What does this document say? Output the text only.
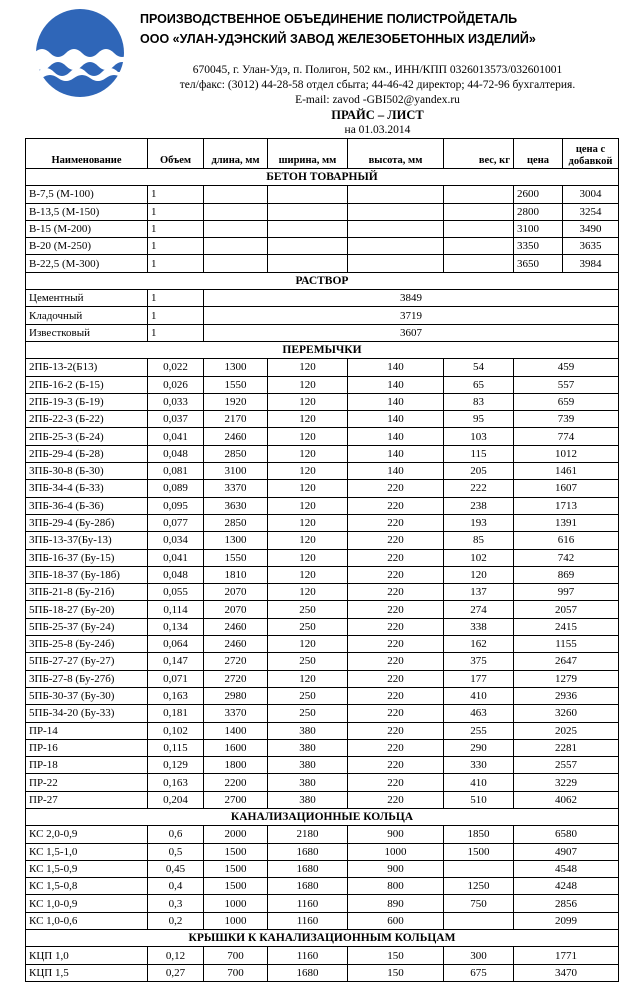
ПРОИЗВОДСТВЕННОЕ ОБЪЕДИНЕНИЕ ПОЛИСТРОЙДЕТАЛЬ
ООО «УЛАН-УДЭНСКИЙ ЗАВОД ЖЕЛЕЗОБЕТОННЫХ ИЗДЕЛИЙ»
670045, г. Улан-Удэ, п. Полигон, 502 км., ИНН/КПП 0326013573/032601001
тел/факс: (3012) 44-28-58 отдел сбыта; 44-46-42 директор; 44-72-96 бухгалтерия.
E-mail: zavod -GBI502@yandex.ru
ПРАЙС – ЛИСТ
на 01.03.2014
Наименование	Объем	длина, мм	ширина, мм	высота, мм	вес, кг	цена	цена с добавкой
БЕТОН ТОВАРНЫЙ							
В-7,5 (М-100)	1					2600	3004
В-13,5 (М-150)	1					2800	3254
В-15 (М-200)	1					3100	3490
В-20 (М-250)	1					3350	3635
В-22,5 (М-300)	1					3650	3984
РАСТВОР							
Цементный	1	3849					
Кладочный	1	3719					
Известковый	1	3607					
ПЕРЕМЫЧКИ							
2ПБ-13-2(Б13)	0,022	1300	120	140	54	459	
2ПБ-16-2 (Б-15)	0,026	1550	120	140	65	557	
2ПБ-19-3 (Б-19)	0,033	1920	120	140	83	659	
2ПБ-22-3 (Б-22)	0,037	2170	120	140	95	739	
2ПБ-25-3 (Б-24)	0,041	2460	120	140	103	774	
2ПБ-29-4 (Б-28)	0,048	2850	120	140	115	1012	
3ПБ-30-8 (Б-30)	0,081	3100	120	140	205	1461	
3ПБ-34-4 (Б-33)	0,089	3370	120	220	222	1607	
3ПБ-36-4 (Б-36)	0,095	3630	120	220	238	1713	
3ПБ-29-4 (Бу-28б)	0,077	2850	120	220	193	1391	
3ПБ-13-37(Бу-13)	0,034	1300	120	220	85	616	
3ПБ-16-37 (Бу-15)	0,041	1550	120	220	102	742	
3ПБ-18-37 (Бу-18б)	0,048	1810	120	220	120	869	
3ПБ-21-8 (Бу-21б)	0,055	2070	120	220	137	997	
5ПБ-18-27 (Бу-20)	0,114	2070	250	220	274	2057	
5ПБ-25-37 (Бу-24)	0,134	2460	250	220	338	2415	
3ПБ-25-8 (Бу-24б)	0,064	2460	120	220	162	1155	
5ПБ-27-27 (Бу-27)	0,147	2720	250	220	375	2647	
3ПБ-27-8 (Бу-27б)	0,071	2720	120	220	177	1279	
5ПБ-30-37 (Бу-30)	0,163	2980	250	220	410	2936	
5ПБ-34-20 (Бу-33)	0,181	3370	250	220	463	3260	
ПР-14	0,102	1400	380	220	255	2025	
ПР-16	0,115	1600	380	220	290	2281	
ПР-18	0,129	1800	380	220	330	2557	
ПР-22	0,163	2200	380	220	410	3229	
ПР-27	0,204	2700	380	220	510	4062	
КАНАЛИЗАЦИОННЫЕ КОЛЬЦА							
КС 2,0-0,9	0,6	2000	2180	900	1850	6580	
КС 1,5-1,0	0,5	1500	1680	1000	1500	4907	
КС 1,5-0,9	0,45	1500	1680	900		4548	
КС 1,5-0,8	0,4	1500	1680	800	1250	4248	
КС 1,0-0,9	0,3	1000	1160	890	750	2856	
КС 1,0-0,6	0,2	1000	1160	600		2099	
КРЫШКИ К КАНАЛИЗАЦИОННЫМ КОЛЬЦАМ							
КЦП 1,0	0,12	700	1160	150	300	1771	
КЦП 1,5	0,27	700	1680	150	675	3470	
